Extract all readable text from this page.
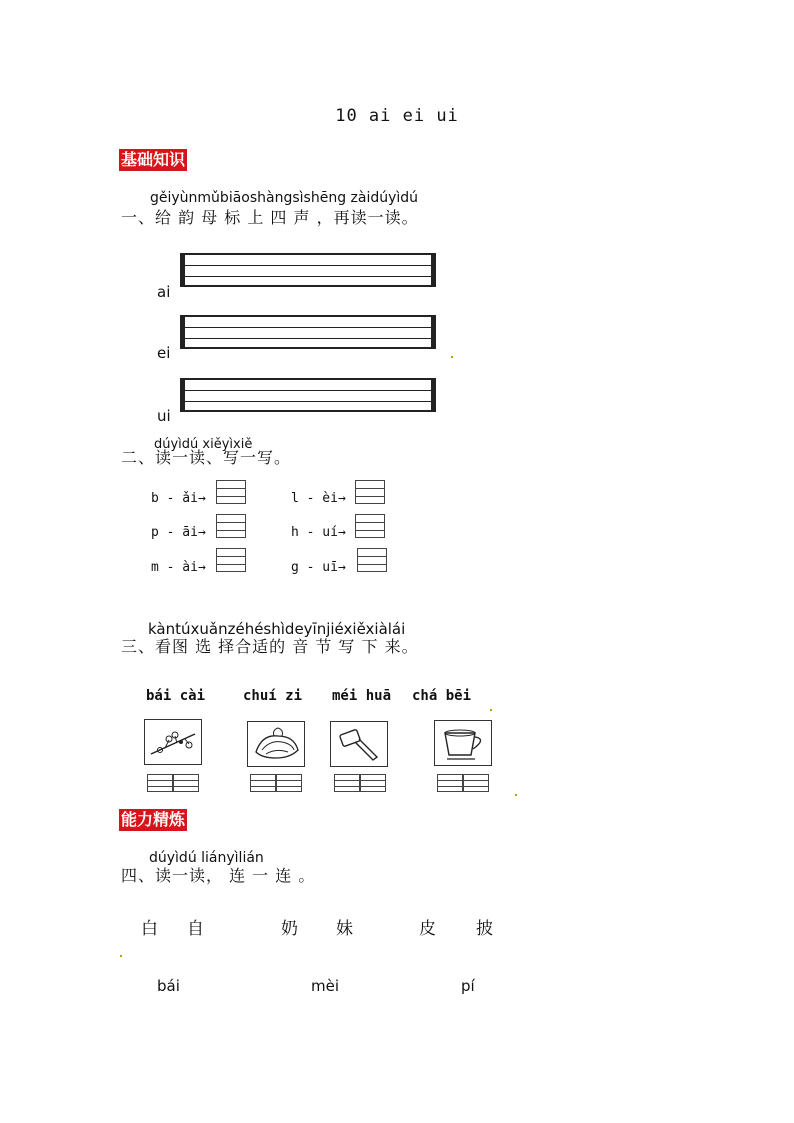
10 ai ei ui
基础知识
gěiyùnmǔbiāoshàngsìshēng zàidúyìdú
一、给 韵 母 标 上 四 声 ，再读一读。
ai
ei
ui
dúyìdú xiěyìxiě
二、读一读、写一写。
b - ǎi→	l - èi→
p - āi→	h - uí→
m - ài→	g - uī→
kàntúxuǎnzéhéshìdeyīnjiéxiěxiàlái
三、看图 选 择合适的 音 节 写 下 来。
bái cài	chuí zi méi huā chá bēi
能力精炼
dúyìdú liányìlián
四、读一读， 连 一 连 。
白 自	奶 妹	皮 披
bái	mèi	pí
